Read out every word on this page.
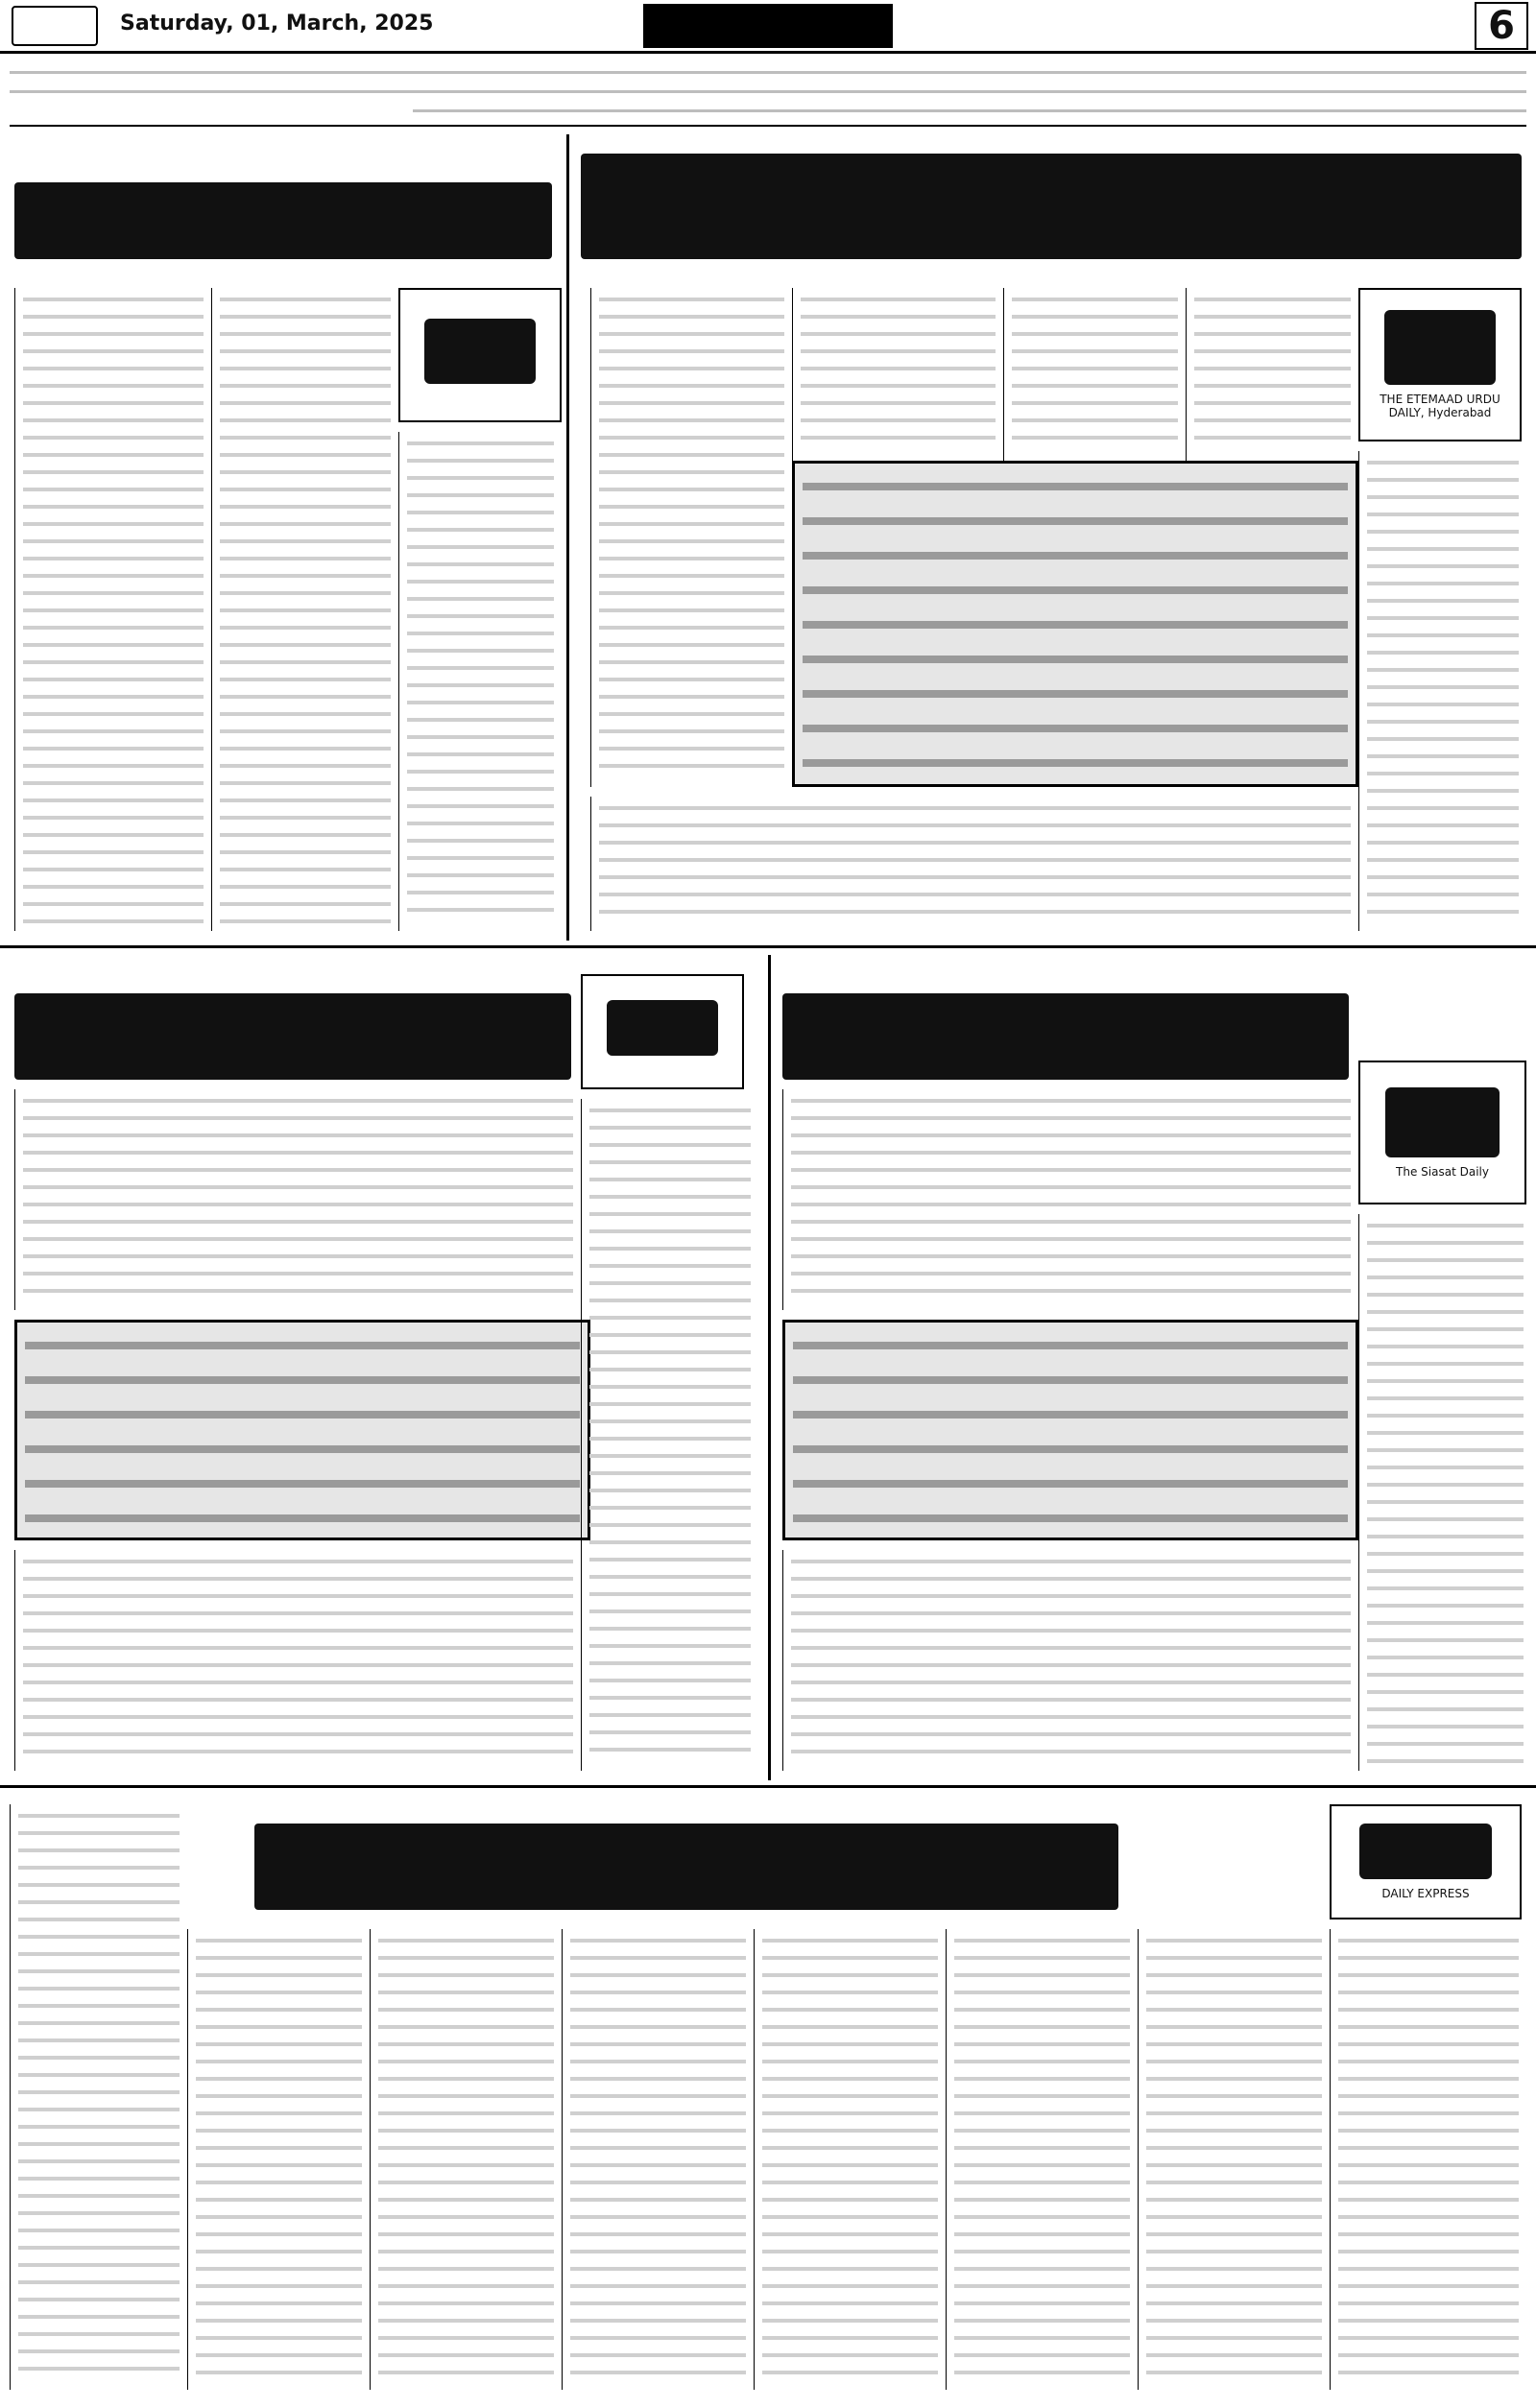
Saturday, 01, March, 2025	6
THE ETEMAAD URDU DAILY, Hyderabad
The Siasat Daily
DAILY EXPRESS
